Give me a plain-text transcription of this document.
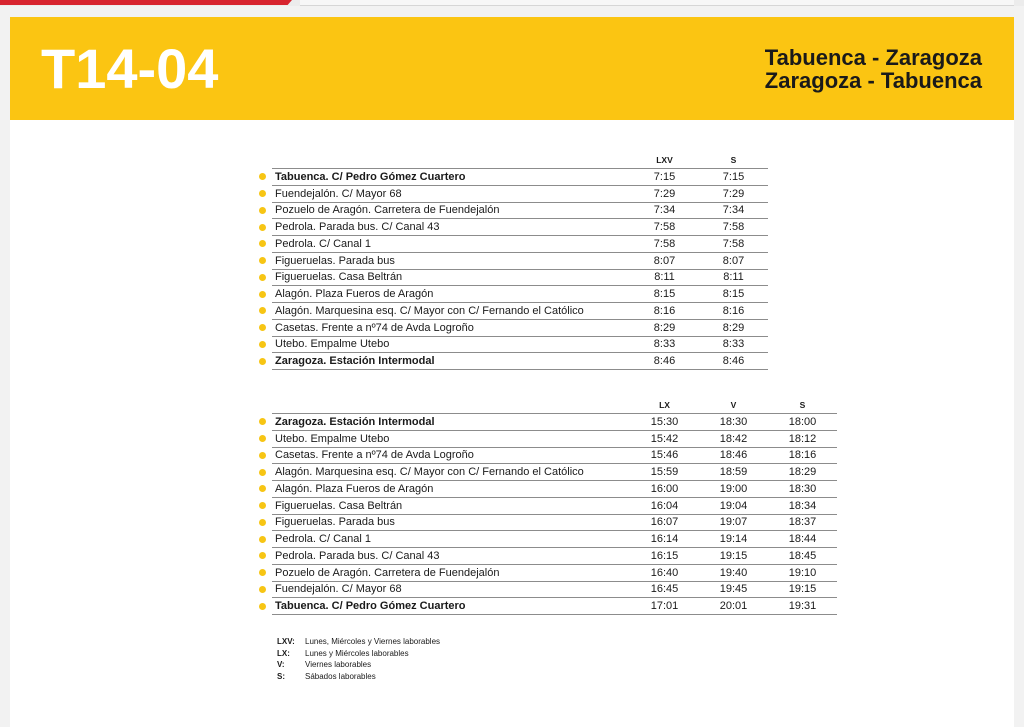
T14-04	Tabuenca - Zaragoza
Zaragoza - Tabuenca
		LXV	S
	Tabuenca. C/ Pedro Gómez Cuartero	7:15	7:15
	Fuendejalón. C/ Mayor 68	7:29	7:29
	Pozuelo de Aragón. Carretera de Fuendejalón	7:34	7:34
	Pedrola. Parada bus. C/ Canal 43	7:58	7:58
	Pedrola. C/ Canal 1	7:58	7:58
	Figueruelas. Parada bus	8:07	8:07
	Figueruelas. Casa Beltrán	8:11	8:11
	Alagón. Plaza Fueros de Aragón	8:15	8:15
	Alagón. Marquesina esq. C/ Mayor con C/ Fernando el Católico	8:16	8:16
	Casetas. Frente a nº74 de Avda Logroño	8:29	8:29
	Utebo. Empalme Utebo	8:33	8:33
	Zaragoza. Estación Intermodal	8:46	8:46
		LX	V	S
	Zaragoza. Estación Intermodal	15:30	18:30	18:00
	Utebo. Empalme Utebo	15:42	18:42	18:12
	Casetas. Frente a nº74 de Avda Logroño	15:46	18:46	18:16
	Alagón. Marquesina esq. C/ Mayor con C/ Fernando el Católico	15:59	18:59	18:29
	Alagón. Plaza Fueros de Aragón	16:00	19:00	18:30
	Figueruelas. Casa Beltrán	16:04	19:04	18:34
	Figueruelas. Parada bus	16:07	19:07	18:37
	Pedrola. C/ Canal 1	16:14	19:14	18:44
	Pedrola. Parada bus. C/ Canal 43	16:15	19:15	18:45
	Pozuelo de Aragón. Carretera de Fuendejalón	16:40	19:40	19:10
	Fuendejalón. C/ Mayor 68	16:45	19:45	19:15
	Tabuenca. C/ Pedro Gómez Cuartero	17:01	20:01	19:31
LXV:	Lunes, Miércoles y Viernes laborables
LX:	Lunes y Miércoles laborables
V:	Viernes laborables
S:	Sábados laborables
